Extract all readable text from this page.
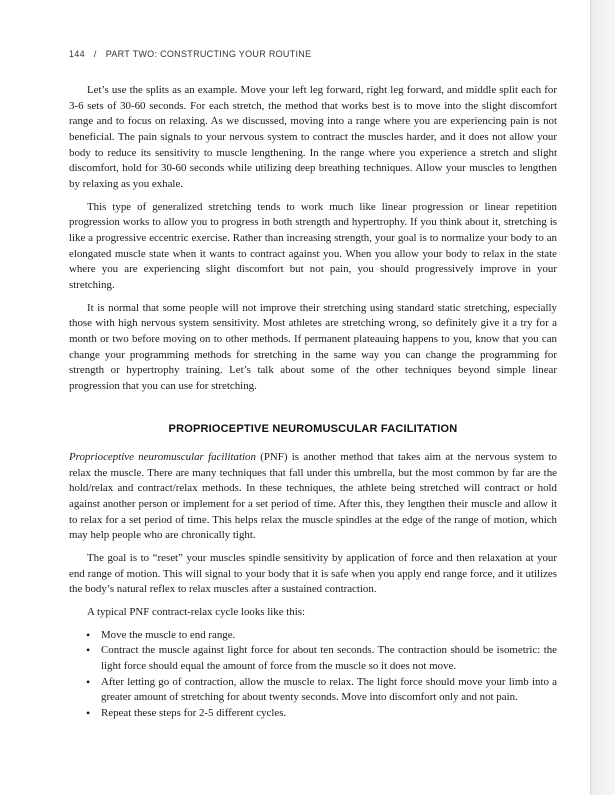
144 / PART TWO: CONSTRUCTING YOUR ROUTINE

Let’s use the splits as an example. Move your left leg forward, right leg forward, and middle split each for 3-6 sets of 30-60 seconds. For each stretch, the method that works best is to move into the slight discomfort range and to focus on relaxing. As we discussed, moving into a range where you are experiencing pain is not beneficial. The pain signals to your nervous system to contract the muscles harder, and it does not allow your body to reduce its sensitivity to muscle lengthening. In the range where you experience a stretch and slight discomfort, hold for 30-60 seconds while utilizing deep breathing techniques. Allow your muscles to lengthen by relaxing as you exhale.

This type of generalized stretching tends to work much like linear progression or linear repetition progression works to allow you to progress in both strength and hypertrophy. If you think about it, stretching is like a progressive eccentric exercise. Rather than increasing strength, your goal is to normalize your body to an elongated muscle state when it wants to contract against you. When you allow your body to relax in the state where you are experiencing slight discomfort but not pain, you should progressively improve in your stretching.

It is normal that some people will not improve their stretching using standard static stretching, especially those with high nervous system sensitivity. Most athletes are stretching wrong, so definitely give it a try for a month or two before moving on to other methods. If permanent plateauing happens to you, know that you can change your programming methods for stretching in the same way you can change the programming for strength or hypertrophy training. Let’s talk about some of the other techniques beyond simple linear progression that you can use for stretching.

PROPRIOCEPTIVE NEUROMUSCULAR FACILITATION

Proprioceptive neuromuscular facilitation (PNF) is another method that takes aim at the nervous system to relax the muscle. There are many techniques that fall under this umbrella, but the most common by far are the hold/relax and contract/relax methods. In these techniques, the athlete being stretched will contract or hold against another person or implement for a set period of time. After this, they lengthen their muscle and allow it to relax for a set period of time. This helps relax the muscle spindles at the edge of the range of motion, which may help people who are chronically tight.

The goal is to “reset” your muscles spindle sensitivity by application of force and then relaxation at your end range of motion. This will signal to your body that it is safe when you apply end range force, and it utilizes the body’s natural reflex to relax muscles after a sustained contraction.

A typical PNF contract-relax cycle looks like this:

• Move the muscle to end range.
• Contract the muscle against light force for about ten seconds. The contraction should be isometric: the light force should equal the amount of force from the muscle so it does not move.
• After letting go of contraction, allow the muscle to relax. The light force should move your limb into a greater amount of stretching for about twenty seconds. Move into discomfort only and not pain.
• Repeat these steps for 2-5 different cycles.
